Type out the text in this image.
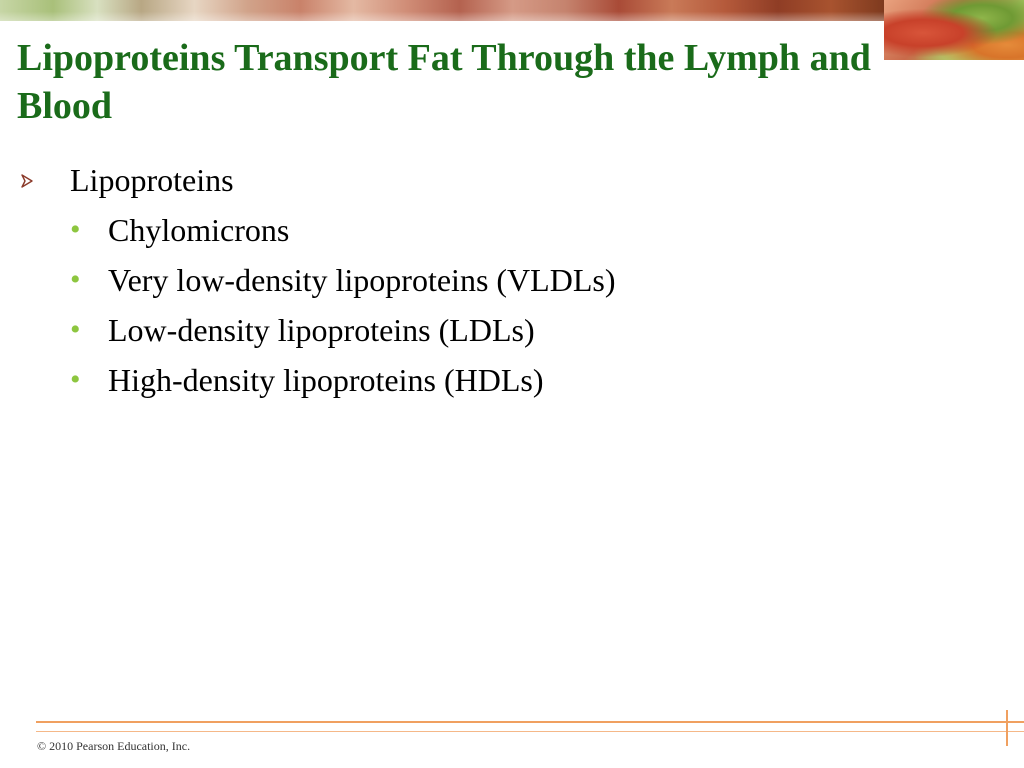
Lipoproteins Transport Fat Through the Lymph and Blood
Lipoproteins
• Chylomicrons
• Very low-density lipoproteins (VLDLs)
• Low-density lipoproteins (LDLs)
• High-density lipoproteins (HDLs)
© 2010 Pearson Education, Inc.
